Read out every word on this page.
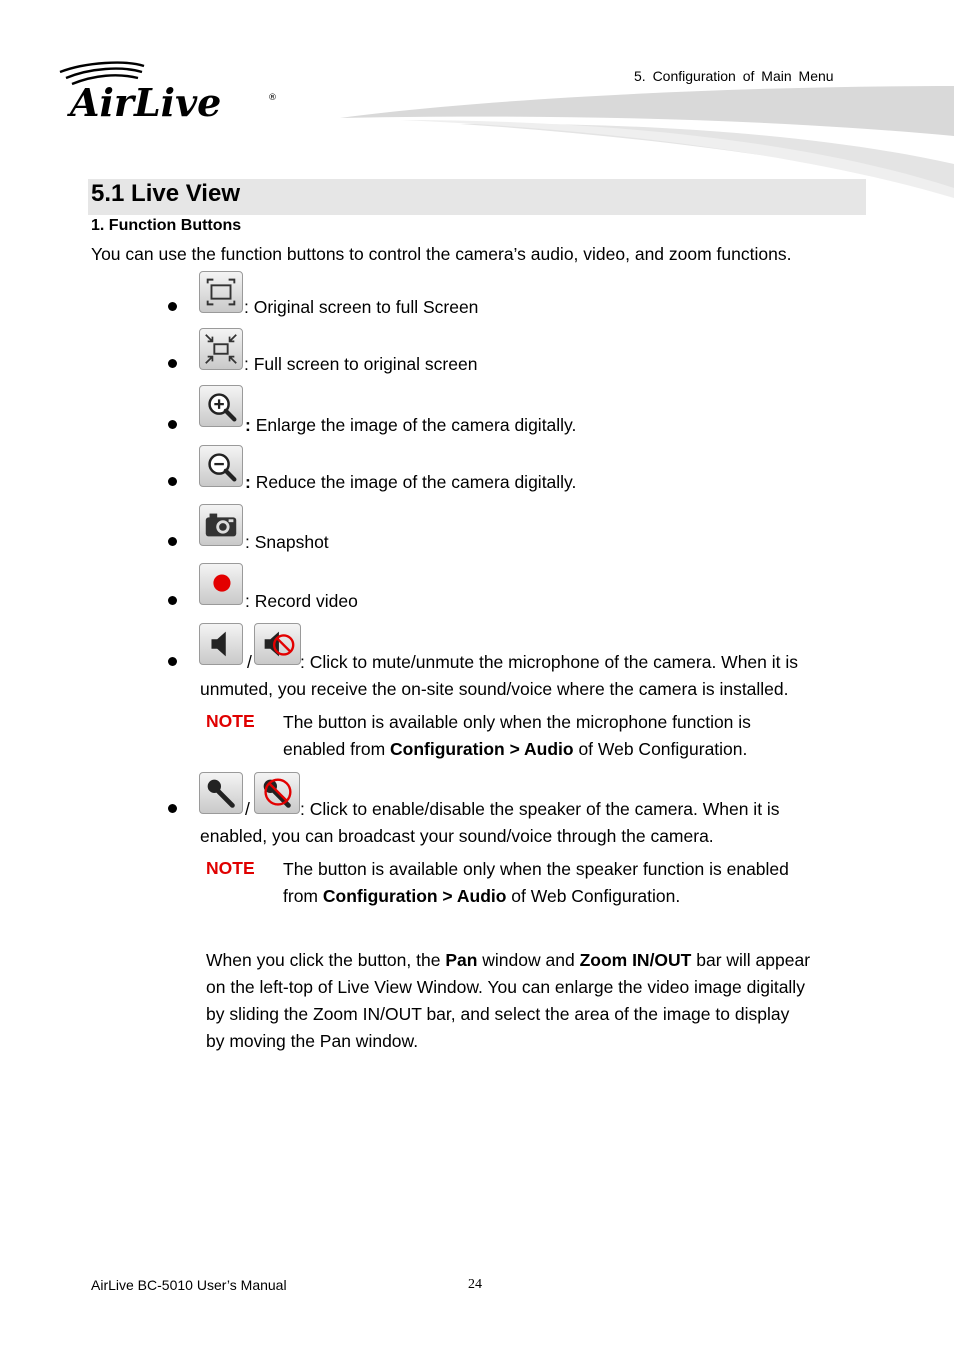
AirLive	®
5. Configuration of Main Menu
5.1 Live View
1. Function Buttons
You can use the function buttons to control the camera’s audio, video, and zoom functions.
: Original screen to full Screen
: Full screen to original screen
: Enlarge the image of the camera digitally.
: Reduce the image of the camera digitally.
: Snapshot
: Record video
/	: Click to mute/unmute the microphone of the camera. When it is
unmuted, you receive the on-site sound/voice where the camera is installed.
NOTE The button is available only when the microphone function is
enabled from Configuration > Audio of Web Configuration.
/	: Click to enable/disable the speaker of the camera. When it is
enabled, you can broadcast your sound/voice through the camera.
NOTE The button is available only when the speaker function is enabled
from Configuration > Audio of Web Configuration.
When you click the button, the Pan window and Zoom IN/OUT bar will appear
on the left-top of Live View Window. You can enlarge the video image digitally
by sliding the Zoom IN/OUT bar, and select the area of the image to display
by moving the Pan window.
AirLive BC-5010 User’s Manual	24
